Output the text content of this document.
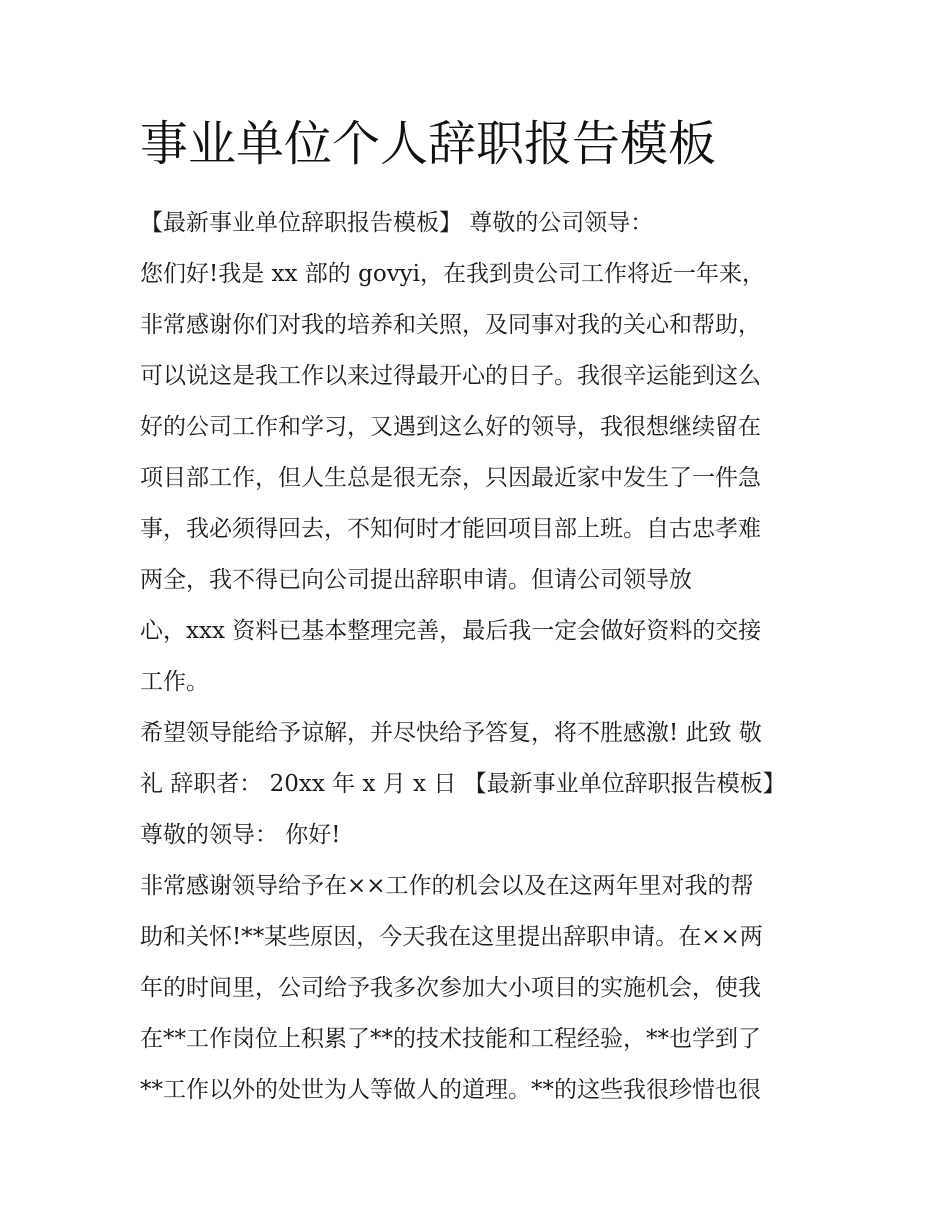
事业单位个人辞职报告模板
【最新事业单位辞职报告模板】 尊敬的公司领导：
您们好!我是 xx 部的 govyi，在我到贵公司工作将近一年来，
非常感谢你们对我的培养和关照，及同事对我的关心和帮助，
可以说这是我工作以来过得最开心的日子。我很辛运能到这么
好的公司工作和学习，又遇到这么好的领导，我很想继续留在
项目部工作，但人生总是很无奈，只因最近家中发生了一件急
事，我必须得回去，不知何时才能回项目部上班。自古忠孝难
两全，我不得已向公司提出辞职申请。但请公司领导放
心，xxx 资料已基本整理完善，最后我一定会做好资料的交接
工作。
希望领导能给予谅解，并尽快给予答复，将不胜感激! 此致 敬
礼 辞职者： 20xx 年 x 月 x 日 【最新事业单位辞职报告模板】
尊敬的领导： 你好!
非常感谢领导给予在××工作的机会以及在这两年里对我的帮
助和关怀!**某些原因，今天我在这里提出辞职申请。在××两
年的时间里，公司给予我多次参加大小项目的实施机会，使我
在**工作岗位上积累了**的技术技能和工程经验，**也学到了
**工作以外的处世为人等做人的道理。**的这些我很珍惜也很
